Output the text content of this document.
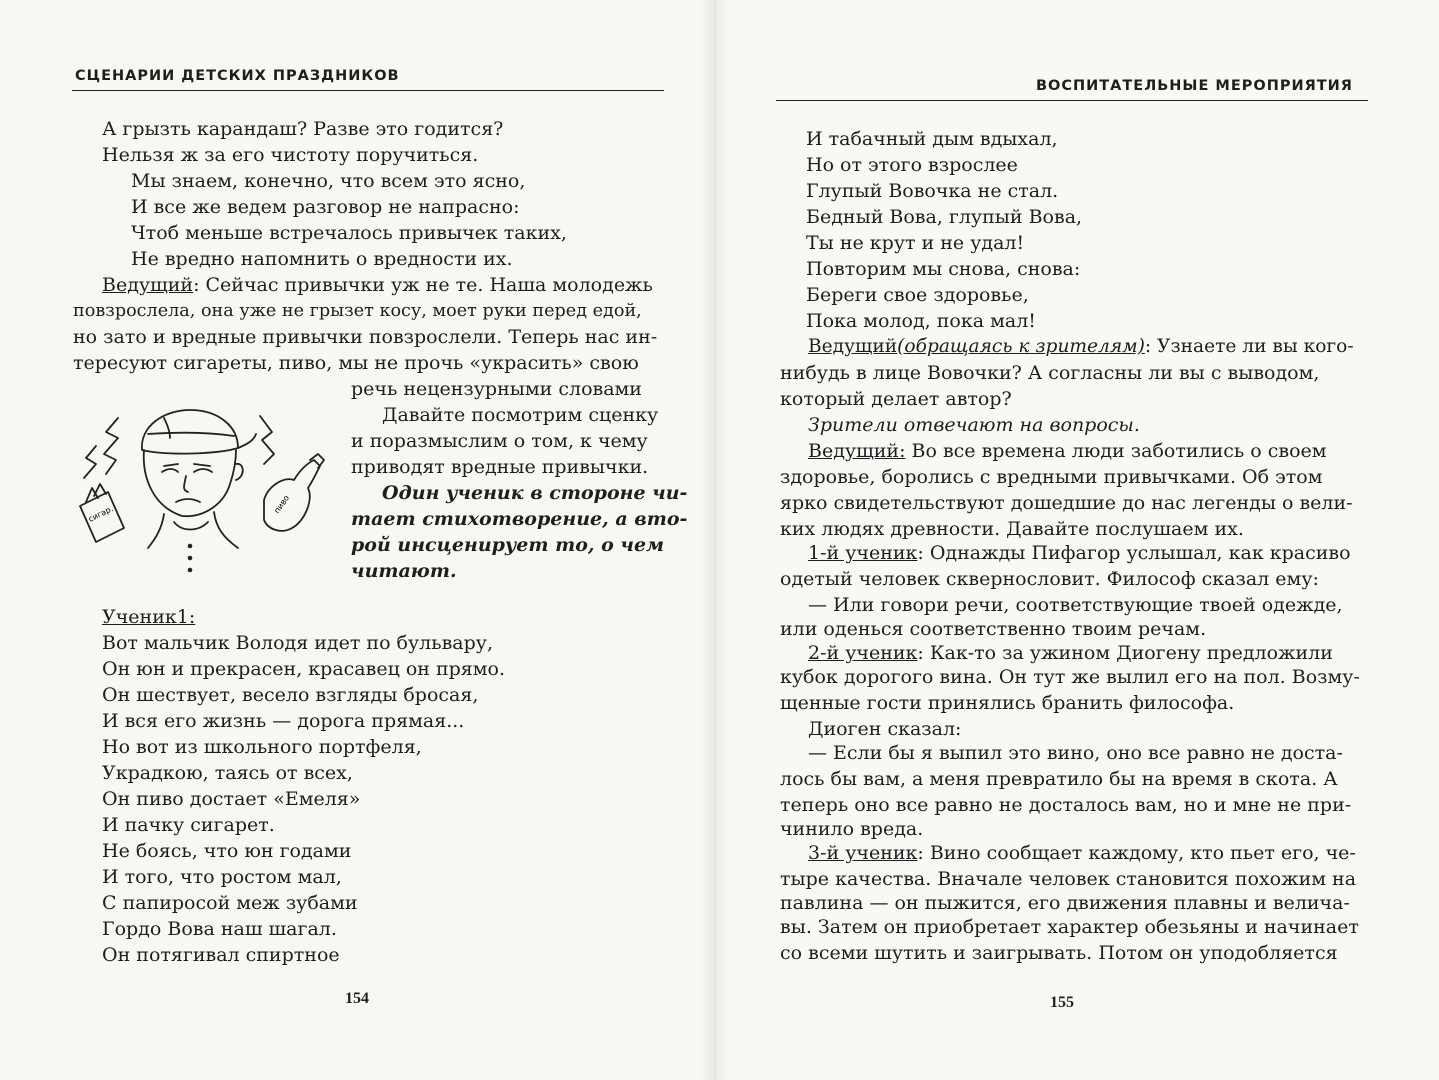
СЦЕНАРИИ ДЕТСКИХ ПРАЗДНИКОВ
А грызть карандаш? Разве это годится?
Нельзя ж за его чистоту поручиться.
Мы знаем, конечно, что всем это ясно,
И все же ведем разговор не напрасно:
Чтоб меньше встречалось привычек таких,
Не вредно напомнить о вредности их.
Ведущий: Сейчас привычки уж не те. Наша молодежь
повзрослела, она уже не грызет косу, моет руки перед едой,
но зато и вредные привычки повзрослели. Теперь нас ин-
тересуют сигареты, пиво, мы не прочь «украсить» свою
речь нецензурными словами
Давайте посмотрим сценку
и поразмыслим о том, к чему
приводят вредные привычки.
Один ученик в стороне чи-
тает стихотворение, а вто-
рой инсценирует то, о чем
читают.
сигар.	пиво
Ученик1:
Вот мальчик Володя идет по бульвару,
Он юн и прекрасен, красавец он прямо.
Он шествует, весело взгляды бросая,
И вся его жизнь — дорога прямая...
Но вот из школьного портфеля,
Украдкою, таясь от всех,
Он пиво достает «Емеля»
И пачку сигарет.
Не боясь, что юн годами
И того, что ростом мал,
С папиросой меж зубами
Гордо Вова наш шагал.
Он потягивал спиртное
154
ВОСПИТАТЕЛЬНЫЕ МЕРОПРИЯТИЯ
И табачный дым вдыхал,
Но от этого взрослее
Глупый Вовочка не стал.
Бедный Вова, глупый Вова,
Ты не крут и не удал!
Повторим мы снова, снова:
Береги свое здоровье,
Пока молод, пока мал!
Ведущий(обращаясь к зрителям): Узнаете ли вы кого-
нибудь в лице Вовочки? А согласны ли вы с выводом,
который делает автор?
Зрители отвечают на вопросы.
Ведущий: Во все времена люди заботились о своем
здоровье, боролись с вредными привычками. Об этом
ярко свидетельствуют дошедшие до нас легенды о вели-
ких людях древности. Давайте послушаем их.
1-й ученик: Однажды Пифагор услышал, как красиво
одетый человек сквернословит. Философ сказал ему:
— Или говори речи, соответствующие твоей одежде,
или оденься соответственно твоим речам.
2-й ученик: Как-то за ужином Диогену предложили
кубок дорогого вина. Он тут же вылил его на пол. Возму-
щенные гости принялись бранить философа.
Диоген сказал:
— Если бы я выпил это вино, оно все равно не доста-
лось бы вам, а меня превратило бы на время в скота. А
теперь оно все равно не досталось вам, но и мне не при-
чинило вреда.
3-й ученик: Вино сообщает каждому, кто пьет его, че-
тыре качества. Вначале человек становится похожим на
павлина — он пыжится, его движения плавны и велича-
вы. Затем он приобретает характер обезьяны и начинает
со всеми шутить и заигрывать. Потом он уподобляется
155
